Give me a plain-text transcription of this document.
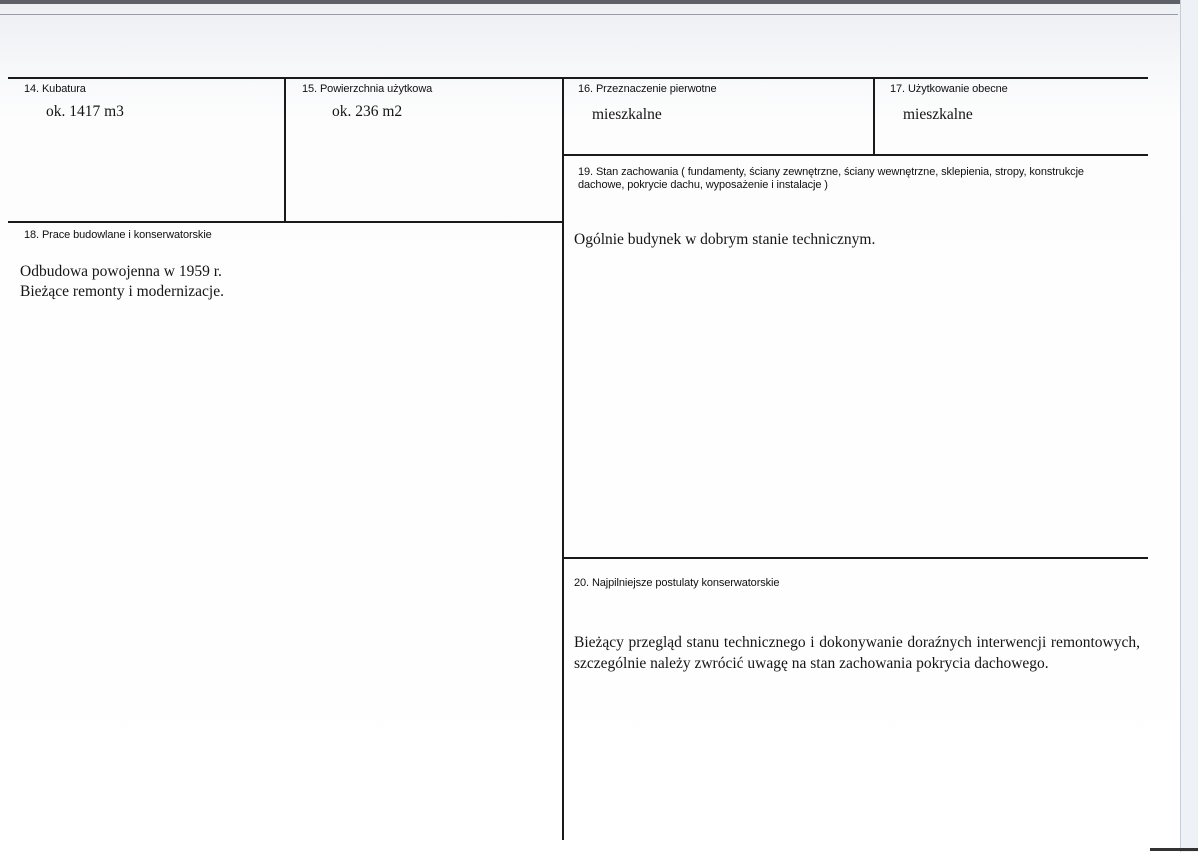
14. Kubatura
ok. 1417 m3
15. Powierzchnia użytkowa
ok. 236 m2
16. Przeznaczenie pierwotne
mieszkalne
17. Użytkowanie obecne
mieszkalne
18. Prace budowlane i konserwatorskie
Odbudowa powojenna w 1959 r.
Bieżące remonty i modernizacje.
19. Stan zachowania ( fundamenty, ściany zewnętrzne, ściany wewnętrzne, sklepienia, stropy, konstrukcje dachowe, pokrycie dachu, wyposażenie i instalacje )
Ogólnie budynek w dobrym stanie technicznym.
20. Najpilniejsze postulaty konserwatorskie
Bieżący przegląd stanu technicznego i dokonywanie doraźnych interwencji remontowych, szczególnie należy zwrócić uwagę na stan zachowania pokrycia dachowego.
